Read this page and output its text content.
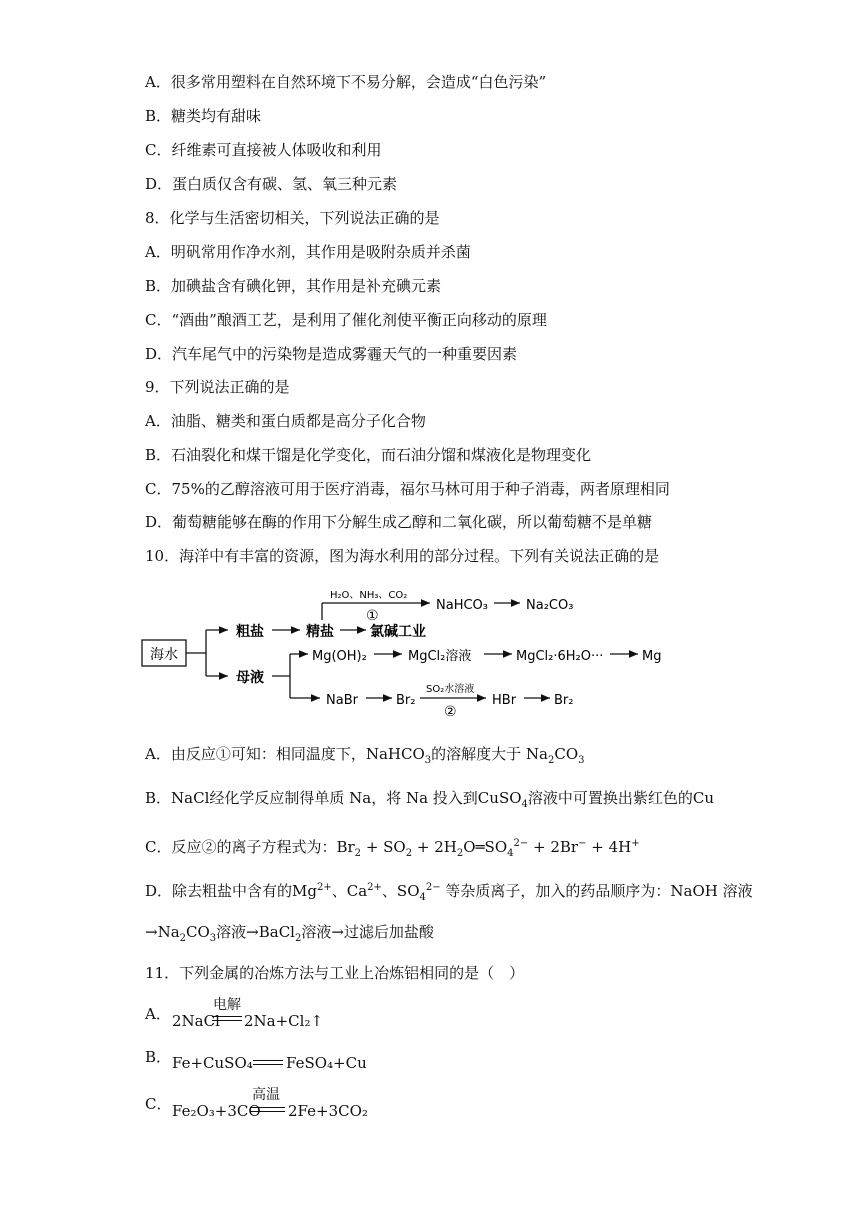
A．很多常用塑料在自然环境下不易分解，会造成“白色污染”
B．糖类均有甜味
C．纤维素可直接被人体吸收和利用
D．蛋白质仅含有碳、氢、氧三种元素
8．化学与生活密切相关，下列说法正确的是
A．明矾常用作净水剂，其作用是吸附杂质并杀菌
B．加碘盐含有碘化钾，其作用是补充碘元素
C．“酒曲”酿酒工艺，是利用了催化剂使平衡正向移动的原理
D．汽车尾气中的污染物是造成雾霾天气的一种重要因素
9．下列说法正确的是
A．油脂、糖类和蛋白质都是高分子化合物
B．石油裂化和煤干馏是化学变化，而石油分馏和煤液化是物理变化
C．75%的乙醇溶液可用于医疗消毒，福尔马林可用于种子消毒，两者原理相同
D．葡萄糖能够在酶的作用下分解生成乙醇和二氧化碳，所以葡萄糖不是单糖
10．海洋中有丰富的资源，图为海水利用的部分过程。下列有关说法正确的是
海水
粗盐
母液
精盐	氯碱工业
H₂O、NH₃、CO₂
①
NaHCO₃	Na₂CO₃
Mg(OH)₂	MgCl₂溶液	MgCl₂·6H₂O···	Mg
NaBr	Br₂
SO₂水溶液
②
HBr	Br₂
A．由反应①可知：相同温度下，NaHCO$_3$的溶解度大于 $Na_2CO_3$
B．NaCl经化学反应制得单质 Na，将 Na 投入到CuSO$_4$溶液中可置换出紫红色的Cu
C．反应②的离子方程式为：$Br_2 + SO_2$ + $2H_2O═SO_4^{2-} + 2Br^- + 4H^+$
D．除去粗盐中含有的$Mg^{2+}$、$Ca^{2+}$、$SO_4^{2-}$ 等杂质离子，加入的药品顺序为：NaOH 溶液
$\to Na_2CO_3$溶液→BaCl$_2$溶液→过滤后加盐酸
11．下列金属的冶炼方法与工业上冶炼铝相同的是（　）
A． 2NaCl
电解
2Na+Cl₂↑
B． Fe+CuSO₄ FeSO₄+Cu
C． Fe₂O₃+3CO
高温
2Fe+3CO₂
